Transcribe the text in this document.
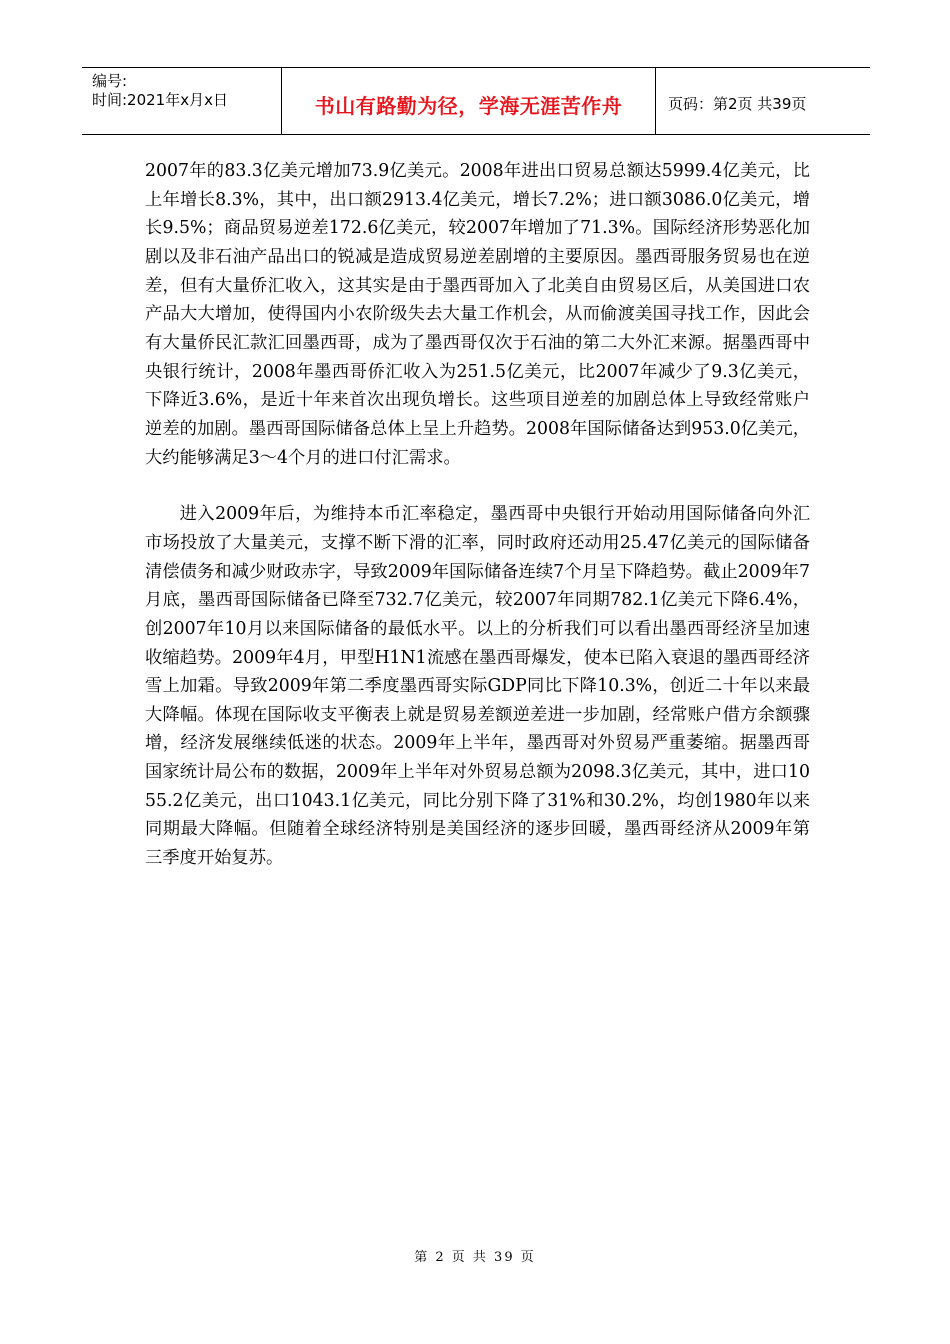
编号:
时间:2021年x月x日	书山有路勤为径，学海无涯苦作舟	页码：第2页 共39页

2007年的83.3亿美元增加73.9亿美元。2008年进出口贸易总额达5999.4亿美元，比上年增长8.3%，其中，出口额2913.4亿美元，增长7.2%；进口额3086.0亿美元，增长9.5%；商品贸易逆差172.6亿美元，较2007年增加了71.3%。国际经济形势恶化加剧以及非石油产品出口的锐减是造成贸易逆差剧增的主要原因。墨西哥服务贸易也在逆差，但有大量侨汇收入，这其实是由于墨西哥加入了北美自由贸易区后，从美国进口农产品大大增加，使得国内小农阶级失去大量工作机会，从而偷渡美国寻找工作，因此会有大量侨民汇款汇回墨西哥，成为了墨西哥仅次于石油的第二大外汇来源。据墨西哥中央银行统计，2008年墨西哥侨汇收入为251.5亿美元，比2007年减少了9.3亿美元，下降近3.6%，是近十年来首次出现负增长。这些项目逆差的加剧总体上导致经常账户逆差的加剧。墨西哥国际储备总体上呈上升趋势。2008年国际储备达到953.0亿美元，大约能够满足3～4个月的进口付汇需求。

进入2009年后，为维持本币汇率稳定，墨西哥中央银行开始动用国际储备向外汇市场投放了大量美元，支撑不断下滑的汇率，同时政府还动用25.47亿美元的国际储备清偿债务和减少财政赤字，导致2009年国际储备连续7个月呈下降趋势。截止2009年7月底，墨西哥国际储备已降至732.7亿美元，较2007年同期782.1亿美元下降6.4%，创2007年10月以来国际储备的最低水平。以上的分析我们可以看出墨西哥经济呈加速收缩趋势。2009年4月，甲型H1N1流感在墨西哥爆发，使本已陷入衰退的墨西哥经济雪上加霜。导致2009年第二季度墨西哥实际GDP同比下降10.3%，创近二十年以来最大降幅。体现在国际收支平衡表上就是贸易差额逆差进一步加剧，经常账户借方余额骤增，经济发展继续低迷的状态。2009年上半年，墨西哥对外贸易严重萎缩。据墨西哥国家统计局公布的数据，2009年上半年对外贸易总额为2098.3亿美元，其中，进口1055.2亿美元，出口1043.1亿美元，同比分别下降了31%和30.2%，均创1980年以来同期最大降幅。但随着全球经济特别是美国经济的逐步回暖，墨西哥经济从2009年第三季度开始复苏。

第 2 页 共 39 页
